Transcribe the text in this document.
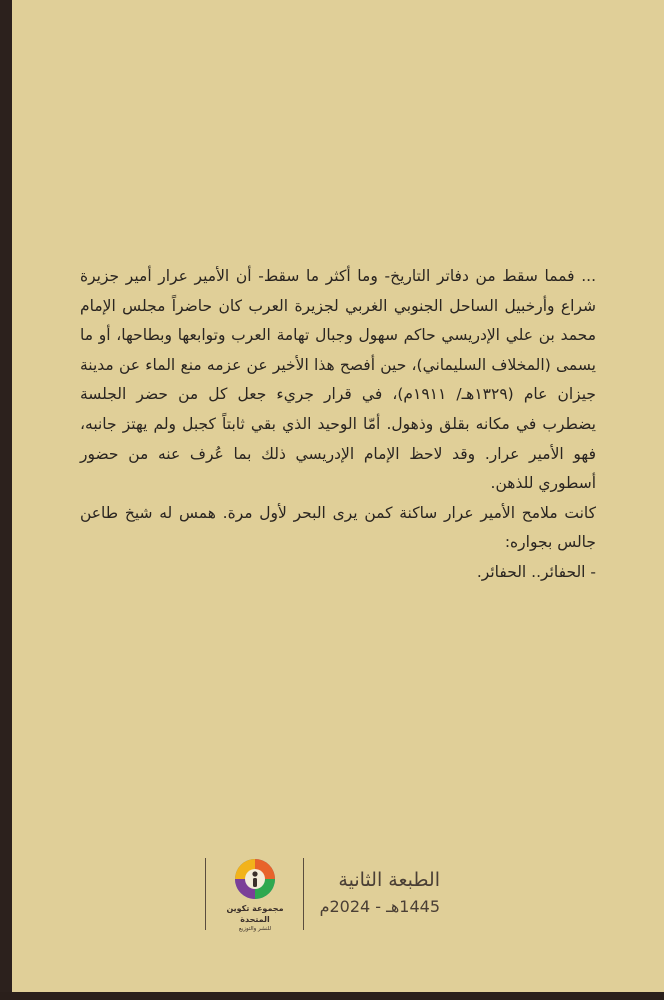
... فمما سقط من دفاتر التاريخ- وما أكثر ما سقط- أن الأمير عرار أمير جزيرة شراع وأرخبيل الساحل الجنوبي الغربي لجزيرة العرب كان حاضراً مجلس الإمام محمد بن علي الإدريسي حاكم سهول وجبال تهامة العرب وتوابعها وبطاحها، أو ما يسمى (المخلاف السليماني)، حين أفصح هذا الأخير عن عزمه منع الماء عن مدينة جيزان عام (١٣٢٩هـ/ ١٩١١م)، في قرار جريء جعل كل من حضر الجلسة يضطرب في مكانه بقلق وذهول. أمّا الوحيد الذي بقي ثابتاً كجبل ولم يهتز جانبه، فهو الأمير عرار. وقد لاحظ الإمام الإدريسي ذلك بما عُرف عنه من حضور أسطوري للذهن.

كانت ملامح الأمير عرار ساكنة كمن يرى البحر لأول مرة. همس له شيخ طاعن جالس بجواره:

- الحفائر.. الحفائر.

مجموعة تكوين المتحدة
للنشر والتوزيع
الطبعة الثانية
1445هـ - 2024م
